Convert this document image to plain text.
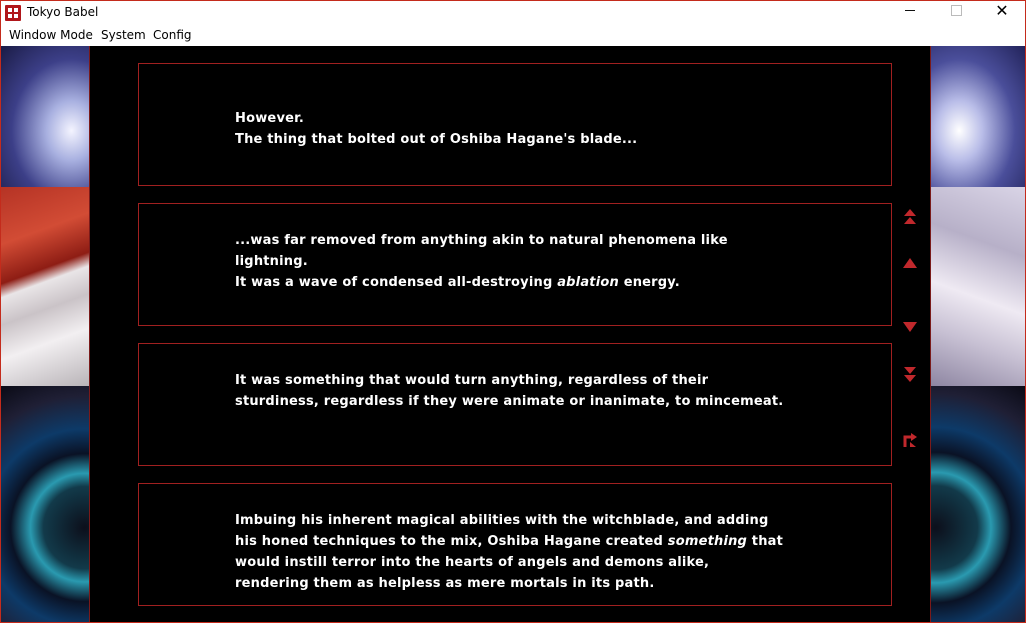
Tokyo Babel	✕
Window Mode System Config
However.
The thing that bolted out of Oshiba Hagane's blade...
...was far removed from anything akin to natural phenomena like
lightning.
It was a wave of condensed all-destroying ablation energy.
It was something that would turn anything, regardless of their
sturdiness, regardless if they were animate or inanimate, to mincemeat.
Imbuing his inherent magical abilities with the witchblade, and adding
his honed techniques to the mix, Oshiba Hagane created something that
would instill terror into the hearts of angels and demons alike,
rendering them as helpless as mere mortals in its path.
